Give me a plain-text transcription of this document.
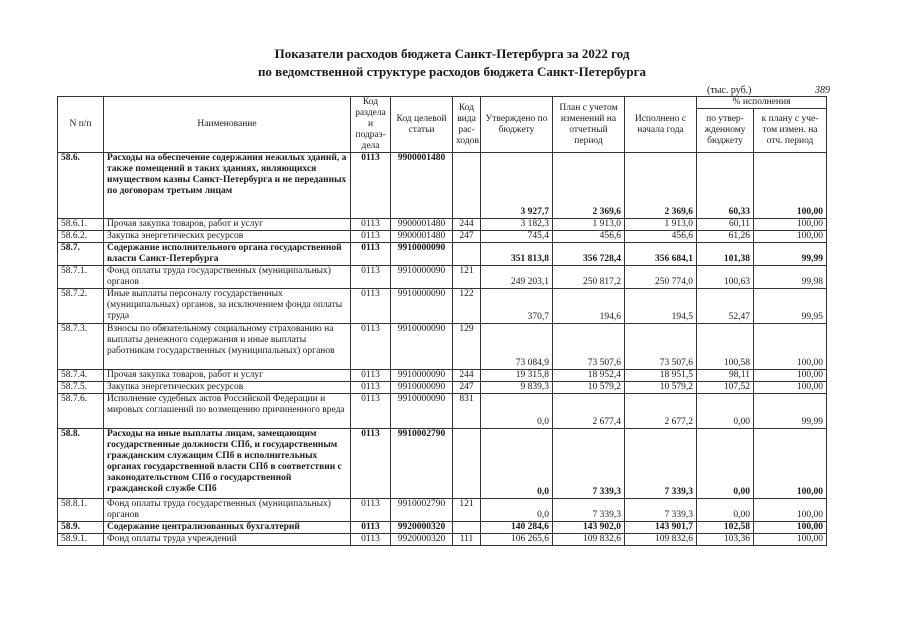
Показатели расходов бюджета Санкт-Петербурга за 2022 год
по ведомственной структуре расходов бюджета Санкт-Петербурга
(тыс. руб.)	389
N п/п	Наименование	Код раздела и подраз-дела	Код целевой статьи	Код вида рас-ходов	Утверждено по бюджету	План с учетом изменений на отчетный период	Исполнено с начала года	% исполнения	
								по утвер-жденному бюджету	к плану с уче-том измен. на отч. период
58.6.	Расходы на обеспечение содержания нежилых зданий, а также помещений в таких зданиях, являющихся имуществом казны Санкт-Петербурга и не переданных по договорам третьим лицам	0113	9900001480		3 927,7	2 369,6	2 369,6	60,33	100,00
58.6.1.	Прочая закупка товаров, работ и услуг	0113	9900001480	244	3 182,3	1 913,0	1 913,0	60,11	100,00
58.6.2.	Закупка энергетических ресурсов	0113	9900001480	247	745,4	456,6	456,6	61,26	100,00
58.7.	Содержание исполнительного органа государственной власти Санкт-Петербурга	0113	9910000090		351 813,8	356 728,4	356 684,1	101,38	99,99
58.7.1.	Фонд оплаты труда государственных (муниципальных) органов	0113	9910000090	121	249 203,1	250 817,2	250 774,0	100,63	99,98
58.7.2.	Иные выплаты персоналу государственных (муниципальных) органов, за исключением фонда оплаты труда	0113	9910000090	122	370,7	194,6	194,5	52,47	99,95
58.7.3.	Взносы по обязательному социальному страхованию на выплаты денежного содержания и иные выплаты работникам государственных (муниципальных) органов	0113	9910000090	129	73 084,9	73 507,6	73 507,6	100,58	100,00
58.7.4.	Прочая закупка товаров, работ и услуг	0113	9910000090	244	19 315,8	18 952,4	18 951,5	98,11	100,00
58.7.5.	Закупка энергетических ресурсов	0113	9910000090	247	9 839,3	10 579,2	10 579,2	107,52	100,00
58.7.6.	Исполнение судебных актов Российской Федерации и мировых соглашений по возмещению причиненного вреда	0113	9910000090	831	0,0	2 677,4	2 677,2	0,00	99,99
58.8.	Расходы на иные выплаты лицам, замещающим государственные должности СПб, и государственным гражданским служащим СПб в исполнительных органах государственной власти СПб в соответствии с законодательством СПб о государственной гражданской службе СПб	0113	9910002790		0,0	7 339,3	7 339,3	0,00	100,00
58.8.1.	Фонд оплаты труда государственных (муниципальных) органов	0113	9910002790	121	0,0	7 339,3	7 339,3	0,00	100,00
58.9.	Содержание централизованных бухгалтерий	0113	9920000320		140 284,6	143 902,0	143 901,7	102,58	100,00
58.9.1.	Фонд оплаты труда учреждений	0113	9920000320	111	106 265,6	109 832,6	109 832,6	103,36	100,00
